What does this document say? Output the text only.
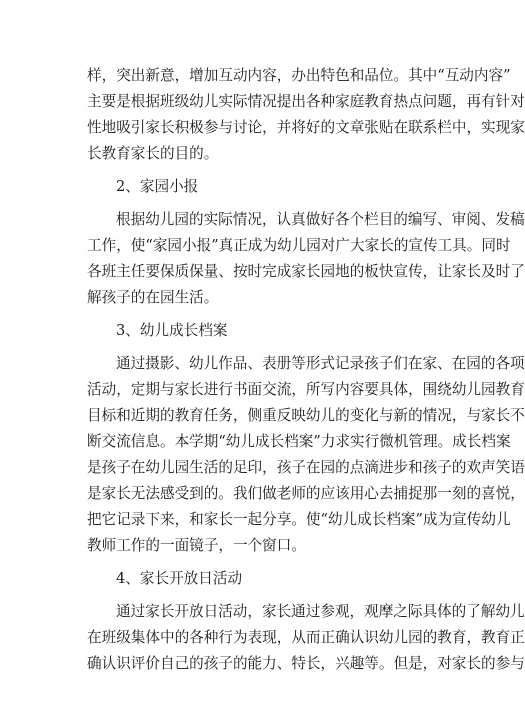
样，突出新意，增加互动内容，办出特色和品位。其中“互动内容”
主要是根据班级幼儿实际情况提出各种家庭教育热点问题，再有针对
性地吸引家长积极参与讨论，并将好的文章张贴在联系栏中，实现家
长教育家长的目的。
2、家园小报
根据幼儿园的实际情况，认真做好各个栏目的编写、审阅、发稿
工作，使“家园小报”真正成为幼儿园对广大家长的宣传工具。同时
各班主任要保质保量、按时完成家长园地的板快宣传，让家长及时了
解孩子的在园生活。
3、幼儿成长档案
通过摄影、幼儿作品、表册等形式记录孩子们在家、在园的各项
活动，定期与家长进行书面交流，所写内容要具体，围绕幼儿园教育
目标和近期的教育任务，侧重反映幼儿的变化与新的情况，与家长不
断交流信息。本学期“幼儿成长档案”力求实行微机管理。成长档案
是孩子在幼儿园生活的足印，孩子在园的点滴进步和孩子的欢声笑语
是家长无法感受到的。我们做老师的应该用心去捕捉那一刻的喜悦，
把它记录下来，和家长一起分享。使“幼儿成长档案”成为宣传幼儿
教师工作的一面镜子，一个窗口。
4、家长开放日活动
通过家长开放日活动，家长通过参观，观摩之际具体的了解幼儿
在班级集体中的各种行为表现，从而正确认识幼儿园的教育，教育正
确认识评价自己的孩子的能力、特长，兴趣等。但是，对家长的参与
